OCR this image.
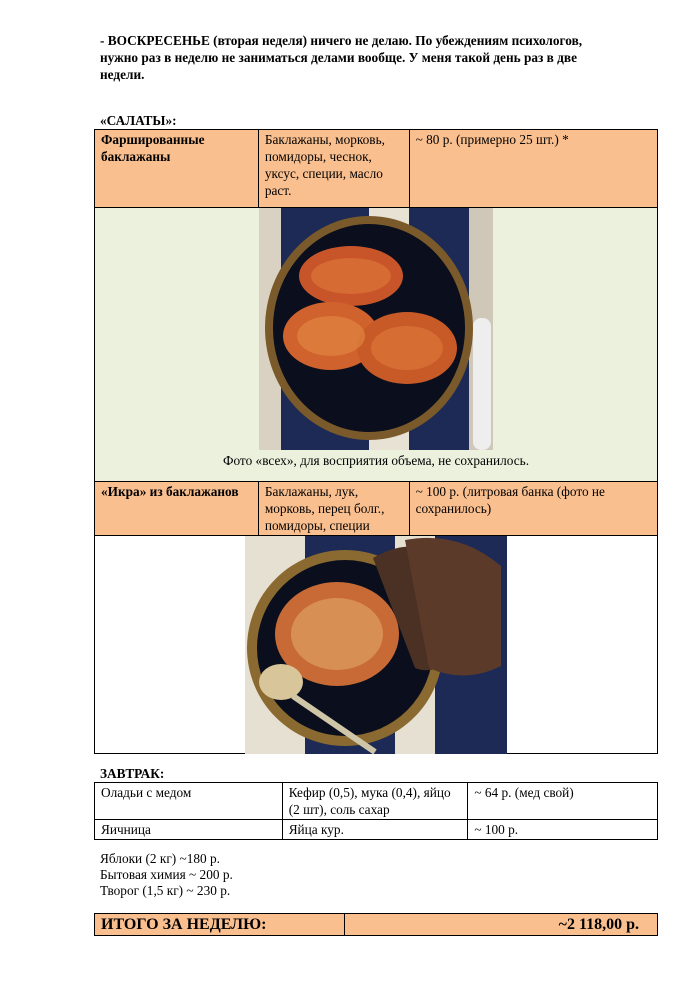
- ВОСКРЕСЕНЬЕ (вторая неделя) ничего не делаю. По убеждениям психологов, нужно раз в неделю не заниматься делами вообще. У меня такой день раз в две недели.
«САЛАТЫ»:
Фаршированные баклажаны	Баклажаны, морковь, помидоры, чеснок, уксус, специи, масло раст.	~ 80 р. (примерно 25 шт.) *

Фото «всех», для восприятия объема, не сохранилось.		

«Икра» из баклажанов	Баклажаны, лук, морковь, перец болг., помидоры, специи	~ 100 р. (литровая банка (фото не сохранилось)

ЗАВТРАК:
Оладьи с медом	Кефир (0,5), мука (0,4), яйцо (2 шт), соль сахар	~ 64 р. (мед свой)
Яичница	Яйца кур.	~ 100 р.
Яблоки (2 кг) ~180 р.
Бытовая химия ~ 200 р.
Творог (1,5 кг) ~ 230 р.
ИТОГО ЗА НЕДЕЛЮ:	~2 118,00 р.
